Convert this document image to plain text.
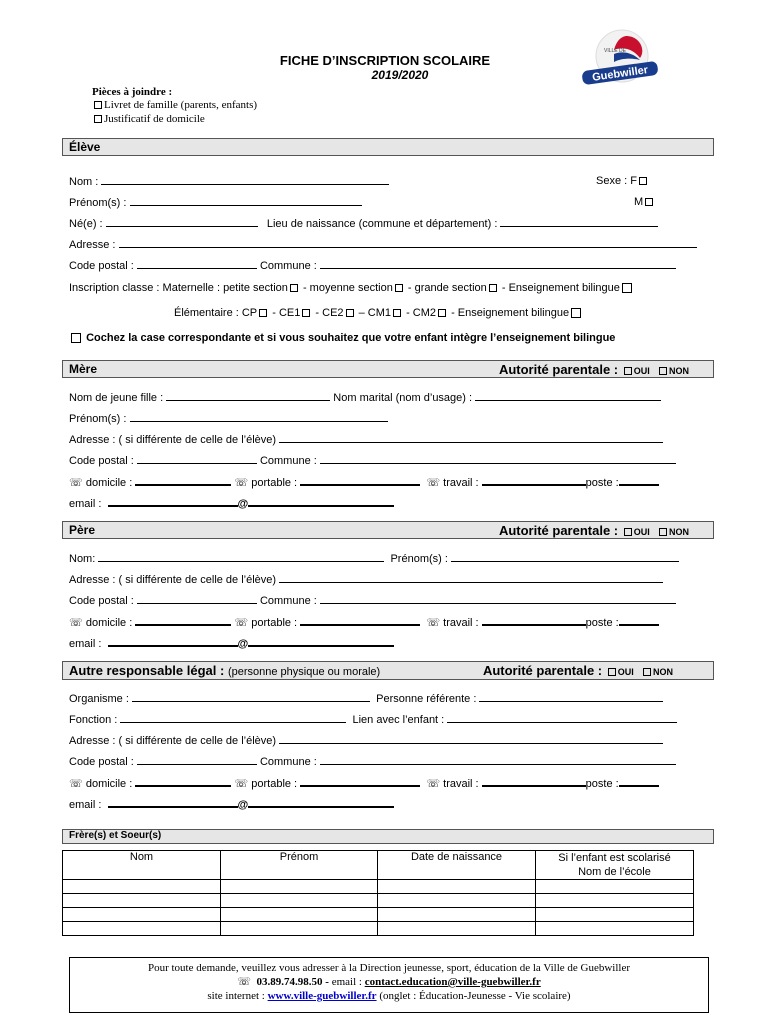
FICHE D’INSCRIPTION SCOLAIRE
2019/2020	Guebwiller
VILLE DE
Pièces à joindre :
Livret de famille (parents, enfants)
Justificatif de domicile
Élève
Nom :	Sexe : F
Prénom(s) :	M
Né(e) :	Lieu de naissance (commune et département) :
Adresse :
Code postal :	Commune :
Inscription classe : Maternelle : petite section - moyenne section - grande section - Enseignement bilingue
Élémentaire : CP - CE1 - CE2 – CM1 - CM2 - Enseignement bilingue
Cochez la case correspondante et si vous souhaitez que votre enfant intègre l’enseignement bilingue
Mère	Autorité parentale : OUI NON
Nom de jeune fille :	Nom marital (nom d’usage) :
Prénom(s) :
Adresse : ( si différente de celle de l’élève)
Code postal :	Commune :
☏ domicile :	☏ portable :	☏ travail :	poste :
email :	@
Père	Autorité parentale : OUI NON
Nom:	Prénom(s) :
Adresse : ( si différente de celle de l’élève)
Code postal :	Commune :
☏ domicile :	☏ portable :	☏ travail :	poste :
email :	@
Autre responsable légal : (personne physique ou morale)	Autorité parentale : OUI NON
Organisme :	Personne référente :
Fonction :	Lien avec l’enfant :
Adresse : ( si différente de celle de l’élève)
Code postal :	Commune :
☏ domicile :	☏ portable :	☏ travail :	poste :
email :	@
Frère(s) et Soeur(s)
Nom	Prénom	Date de naissance	Si l’enfant est scolarisé
Nom de l’école

Pour toute demande, veuillez vous adresser à la Direction jeunesse, sport, éducation de la Ville de Guebwiller
☏ 03.89.74.98.50 - email : contact.education@ville-guebwiller.fr
site internet : www.ville-guebwiller.fr (onglet : Éducation-Jeunesse - Vie scolaire)
